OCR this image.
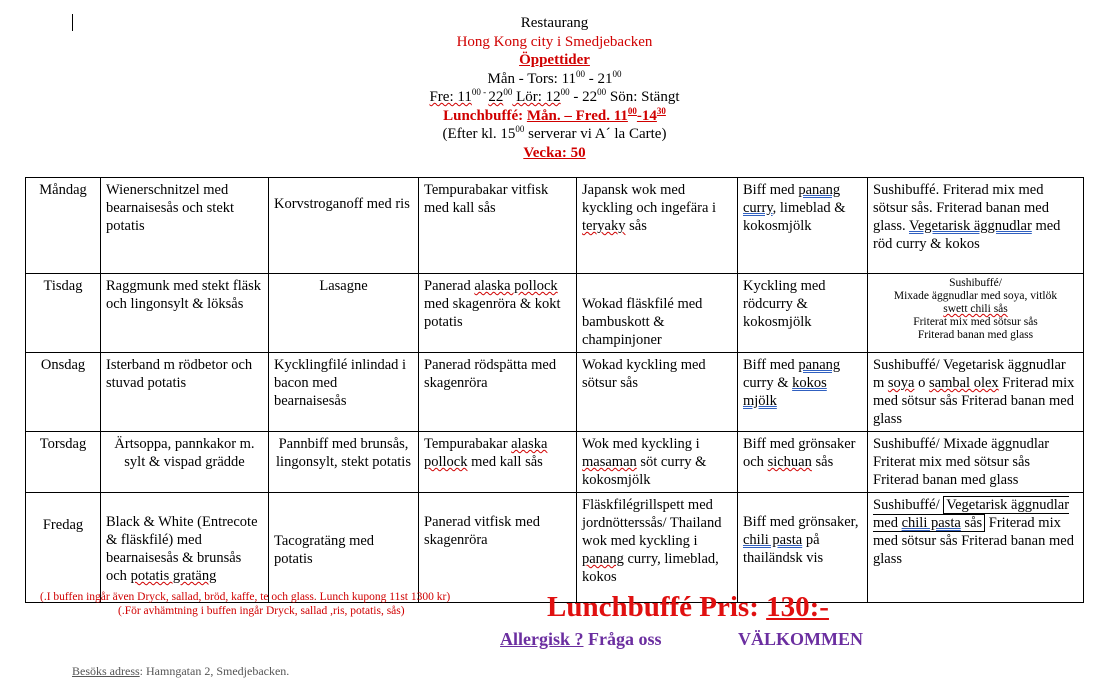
Restaurang
Hong Kong city i Smedjebacken
Öppettider
Mån - Tors: $11^{00} - 21^{00}$
Fre: $11^{00 -}$ $22^{00}$ Lör: $12^{00} - 22^{00}$ Sön: Stängt
Lunchbuffé: Mån. – Fred. $11^{00}-14^{30}$
(Efter kl. $15^{00}$ serverar vi A´ la Carte)
Vecka: 50
Måndag	Wienerschnitzel med bearnaisesås och stekt potatis	Korvstroganoff med ris	Tempurabakar vitfisk med kall sås	Japansk wok med kyckling och ingefära i teryaky sås	Biff med panang curry, limeblad & kokosmjölk	Sushibuffé. Friterad mix med sötsur sås. Friterad banan med glass. Vegetarisk äggnudlar med röd curry & kokos
Tisdag	Raggmunk med stekt fläsk och lingonsylt & löksås	Lasagne	Panerad alaska pollock med skagenröra & kokt potatis	Wokad fläskfilé med bambuskott & champinjoner	Kyckling med rödcurry & kokosmjölk	Sushibuffé/
Mixade äggnudlar med soya, vitlök
swett chili sås
Friterat mix med sötsur sås
Friterad banan med glass

Onsdag	Isterband m rödbetor och stuvad potatis	Kycklingfilé inlindad i bacon med bearnaisesås	Panerad rödspätta med skagenröra	Wokad kyckling med sötsur sås	Biff med panang curry & kokos mjölk	Sushibuffé/ Vegetarisk äggnudlar m soya o sambal olex Friterad mix med sötsur sås Friterad banan med glass
Torsdag	Ärtsoppa, pannkakor m. sylt & vispad grädde	Pannbiff med brunsås, lingonsylt, stekt potatis	Tempurabakar alaska pollock med kall sås	Wok med kyckling i masaman söt curry & kokosmjölk	Biff med grönsaker och sichuan sås	Sushibuffé/ Mixade äggnudlar Friterat mix med sötsur sås Friterad banan med glass

Fredag	Black & White (Entrecote & fläskfilé) med bearnaisesås & brunsås och potatis gratäng	Tacogratäng med potatis	Panerad vitfisk med skagenröra	Fläskfilégrillspett med jordnötterssås/ Thailand wok med kyckling i panang curry, limeblad, kokos	Biff med grönsaker, chili pasta på thailändsk vis	Sushibuffé/ Vegetarisk äggnudlar med chili pasta sås Friterad mix med sötsur sås Friterad banan med glass
(.I buffen ingår även Dryck, sallad, bröd, kaffe, te och glass. Lunch kupong 11st 1300 kr)
(.För avhämtning i buffen ingår Dryck, sallad ,ris, potatis, sås)	Lunchbuffé Pris: 130:-
Allergisk ? Fråga oss	VÄLKOMMEN
Besöks adress: Hamngatan 2, Smedjebacken.
